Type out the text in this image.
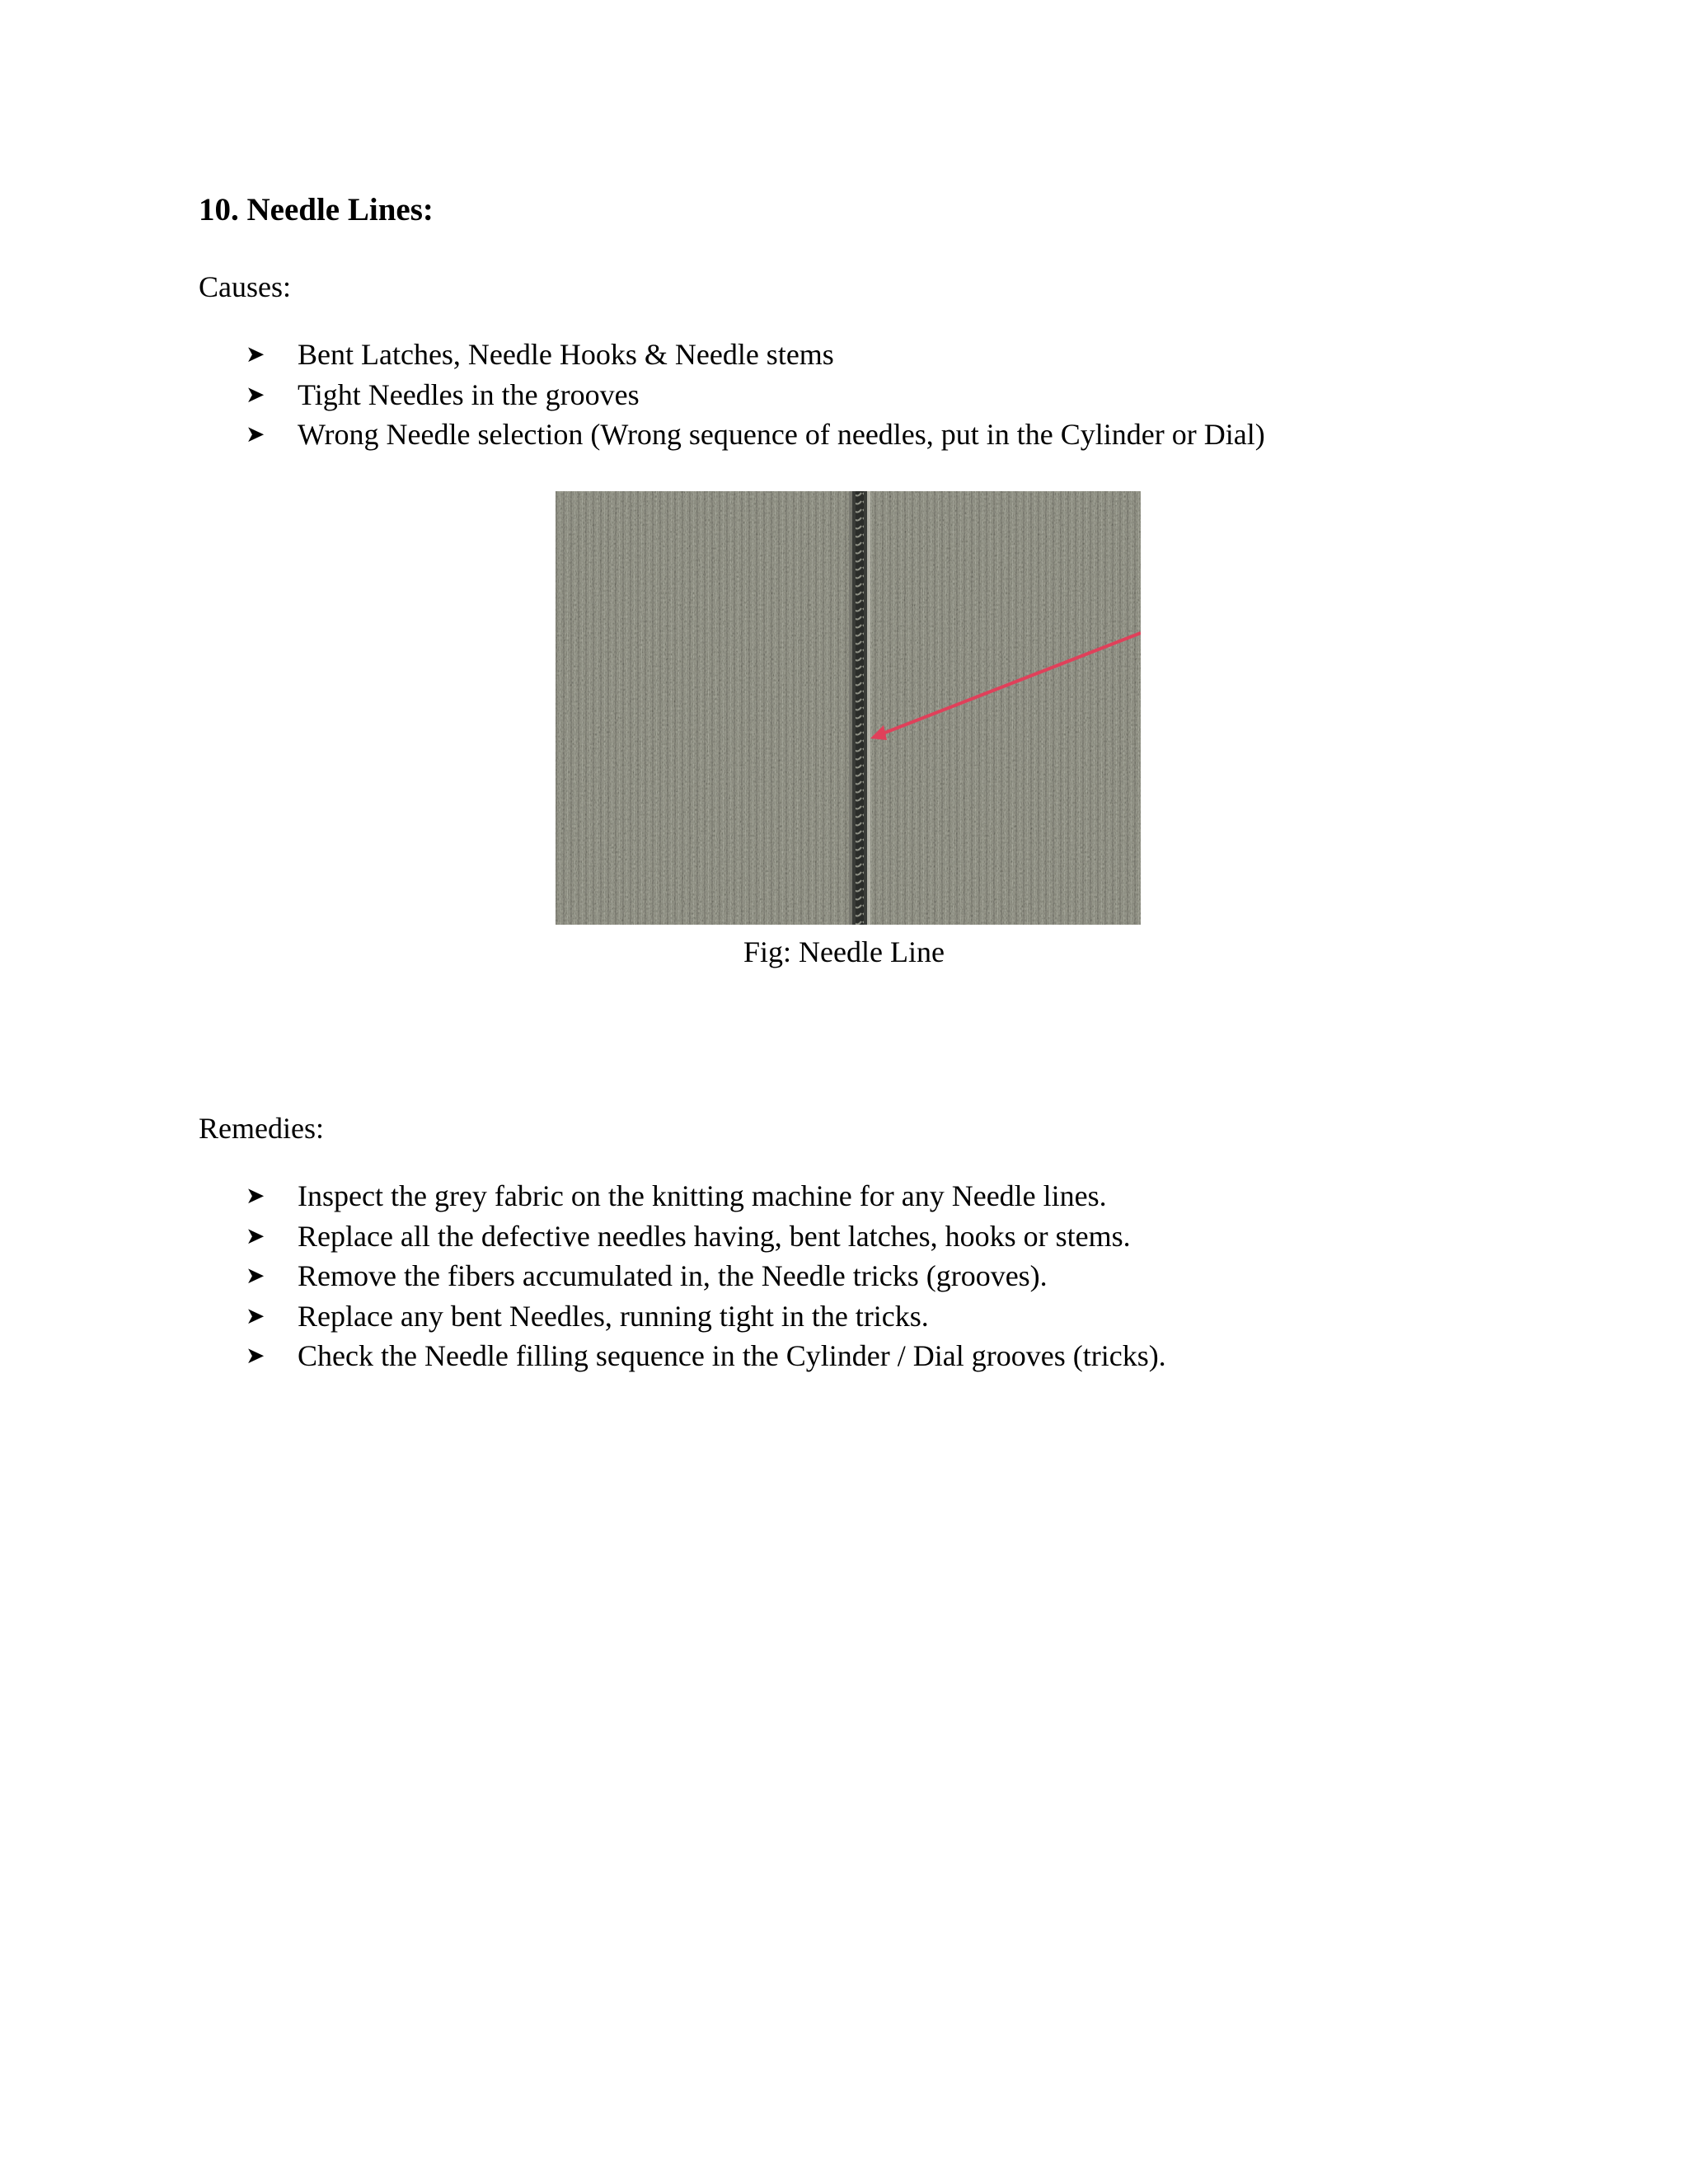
10. Needle Lines:
Causes:
➤ Bent Latches, Needle Hooks & Needle stems
➤ Tight Needles in the grooves
➤ Wrong Needle selection (Wrong sequence of needles, put in the Cylinder or Dial)
Fig: Needle Line
Remedies:
➤ Inspect the grey fabric on the knitting machine for any Needle lines.
➤ Replace all the defective needles having, bent latches, hooks or stems.
➤ Remove the fibers accumulated in, the Needle tricks (grooves).
➤ Replace any bent Needles, running tight in the tricks.
➤ Check the Needle filling sequence in the Cylinder / Dial grooves (tricks).
